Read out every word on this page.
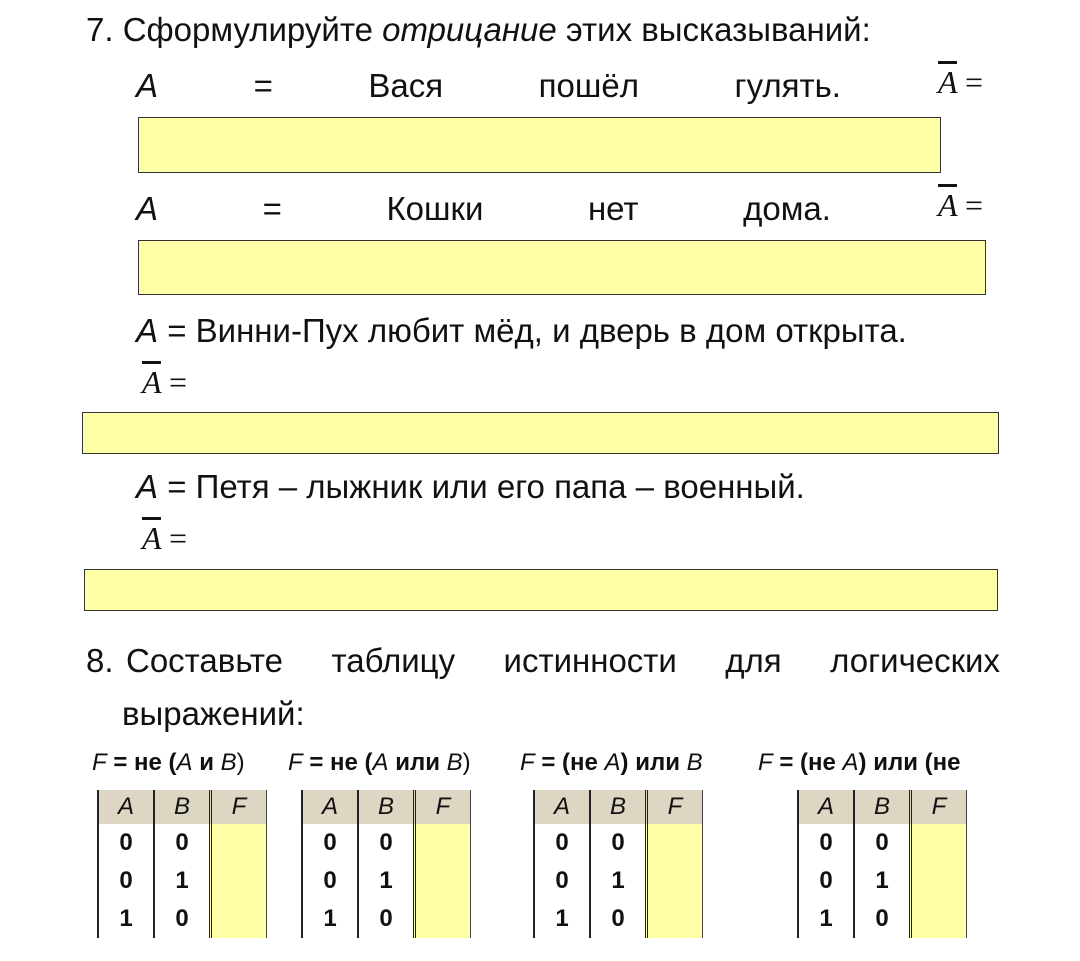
7. Сформулируйте отрицание этих высказываний:
A	=	Вася	пошёл	гулять.	$\overline{A}$ =
A	=	Кошки	нет	дома.	$\overline{A}$ =
A = Винни-Пух любит мёд, и дверь в дом открыта.
$\overline{A}$ =
A = Петя – лыжник или его папа – военный.
$\overline{A}$ =
8. Составьте таблицу истинности для логических
выражений:
F = не (A и B) F = не (A или B) F = (не A) или B F = (не A) или (не
A	B	F
0	0	
0	1	
1	0	
A	B	F
0	0	
0	1	
1	0	
A	B	F
0	0	
0	1	
1	0	
A	B	F
0	0	
0	1	
1	0	
